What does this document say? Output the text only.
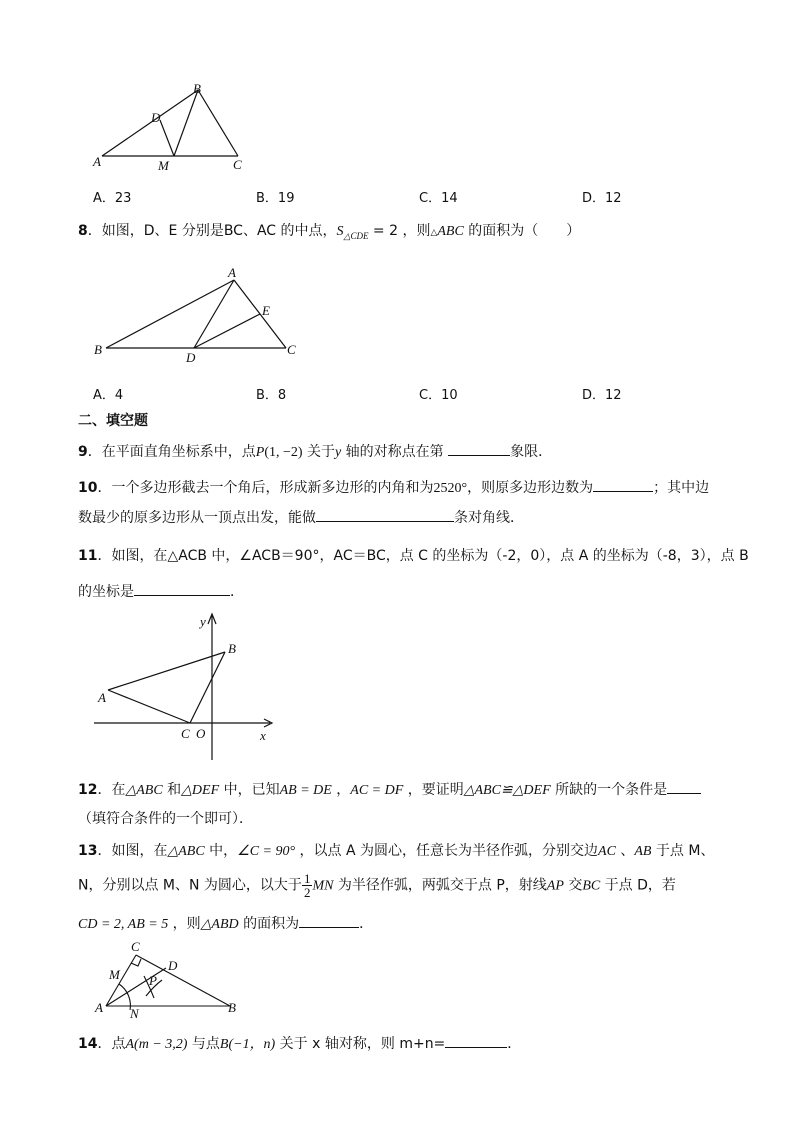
B
D
A	M	C
A．23	B．19	C．14	D．12
8．如图，D、E 分别是BC、AC 的中点，$S_{\triangle CDE} = 2$ ，则△ABC 的面积为（　　）
A
E
B
D
C
A．4	B．8	C．10	D．12
二、填空题
9．在平面直角坐标系中，点P(1, −2) 关于y 轴的对称点在第	象限．
10．一个多边形截去一个角后，形成新多边形的内角和为2520°，则原多边形边数为	；其中边
数最少的原多边形从一顶点出发，能做	条对角线．
11．如图，在△ACB 中，∠ACB＝90°，AC＝BC，点 C 的坐标为（-2，0），点 A 的坐标为（-8，3），点 B
的坐标是	．
y
B
A
C O	x
12．在△ABC 和△DEF 中，已知AB = DE ，AC = DF ，要证明△ABC≌△DEF 所缺的一个条件是
（填符合条件的一个即可）．
13．如图，在△ABC 中，∠C = 90° ，以点 A 为圆心，任意长为半径作弧，分别交边AC 、AB 于点 M、
N，分别以点 M、N 为圆心，以大于 $\frac{1}{2}$ MN 为半径作弧，两弧交于点 P，射线AP 交BC 于点 D，若
CD = 2, AB = 5 ，则△ABD 的面积为	．
C
M
D
P
A N	B
14．点A(m − 3,2) 与点B(−1，n) 关于 x 轴对称，则 m+n=	．
